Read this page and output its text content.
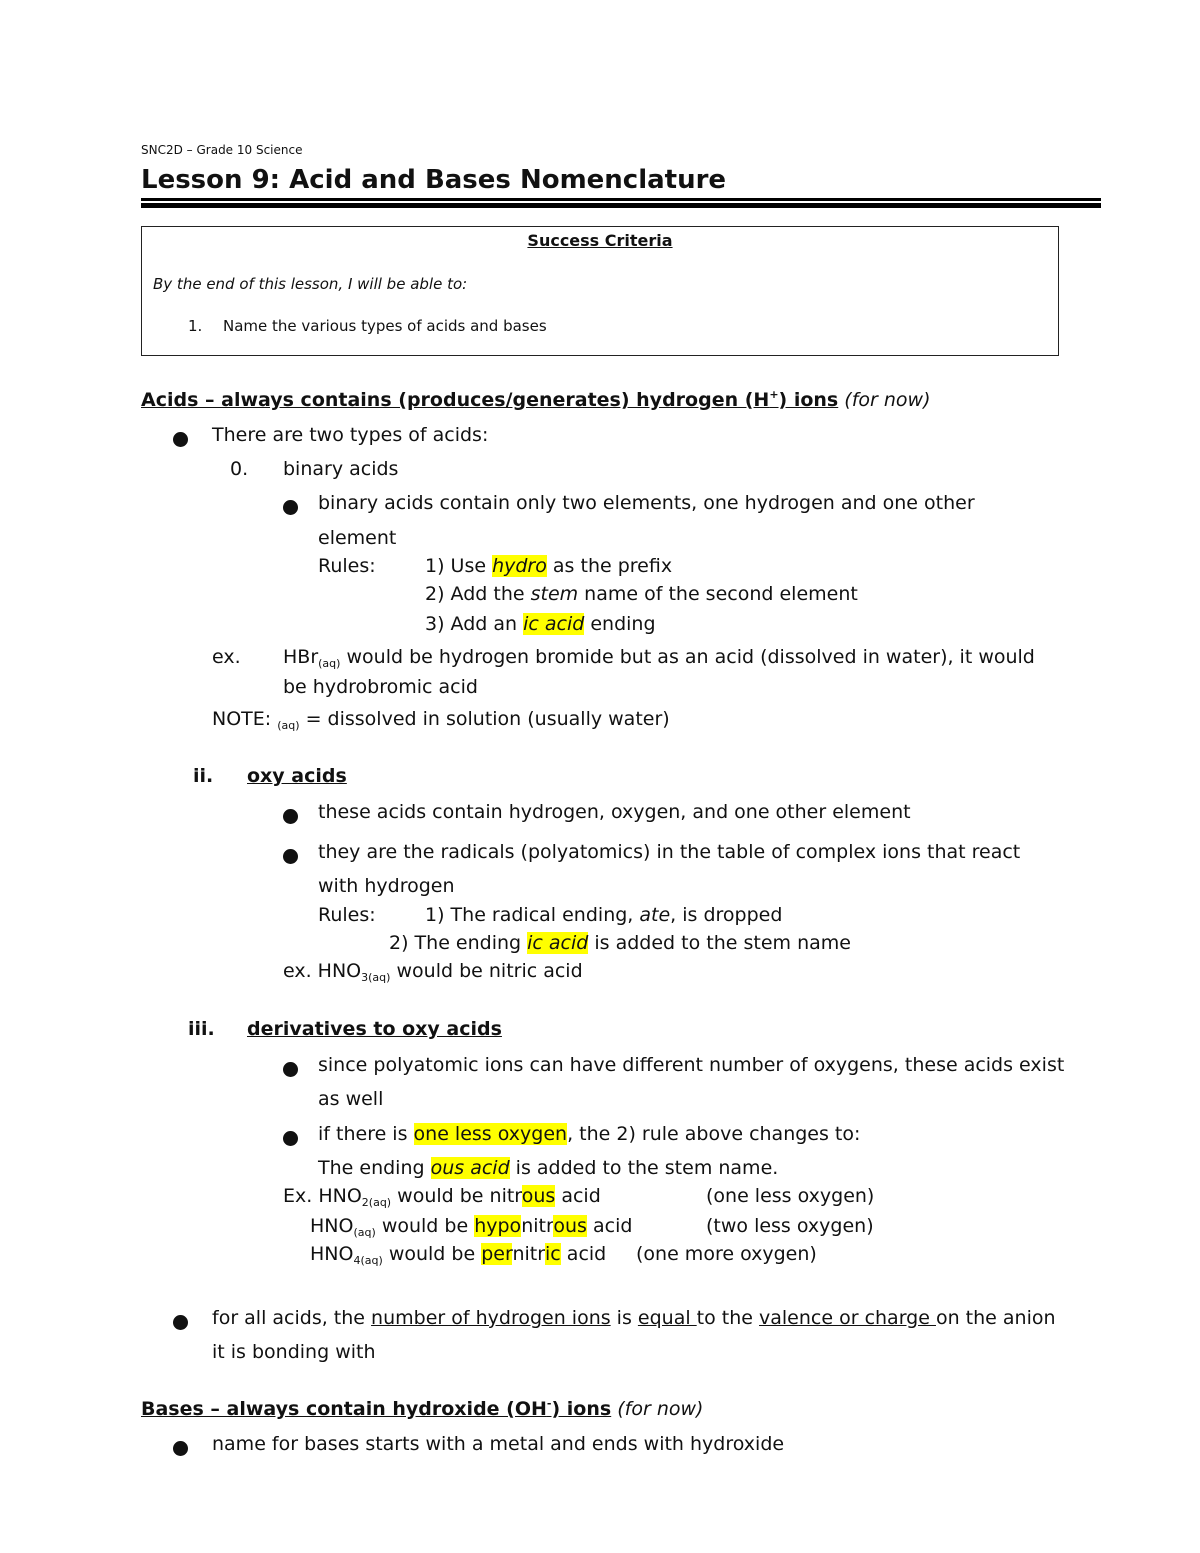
SNC2D – Grade 10 Science
Lesson 9: Acid and Bases Nomenclature
Success Criteria
By the end of this lesson, I will be able to:
1. Name the various types of acids and bases
Acids – always contains (produces/generates) hydrogen (H+) ions (for now)
There are two types of acids:
0. binary acids
binary acids contain only two elements, one hydrogen and one other
element
Rules:	1) Use hydro as the prefix
2) Add the stem name of the second element
3) Add an ic acid ending
ex. HBr$_{(aq)}$ would be hydrogen bromide but as an acid (dissolved in water), it would
be hydrobromic acid
NOTE: $_{(aq)}$ = dissolved in solution (usually water)
ii. oxy acids
these acids contain hydrogen, oxygen, and one other element
they are the radicals (polyatomics) in the table of complex ions that react
with hydrogen
Rules:	1) The radical ending, ate, is dropped
2) The ending ic acid is added to the stem name
ex. $HNO_{3(aq)}$ would be nitric acid
iii. derivatives to oxy acids
since polyatomic ions can have different number of oxygens, these acids exist
as well
if there is one less oxygen, the 2) rule above changes to:
The ending ous acid is added to the stem name.
Ex. $HNO_{2(aq)}$ would be nitrous acid	(one less oxygen)
$HNO_{(aq)}$ would be hyponitrous acid	(two less oxygen)
$HNO_{4(aq)}$ would be pernitric acid (one more oxygen)
for all acids, the number of hydrogen ions is equal to the valence or charge on the anion
it is bonding with
Bases – always contain hydroxide (OH-) ions (for now)
name for bases starts with a metal and ends with hydroxide
